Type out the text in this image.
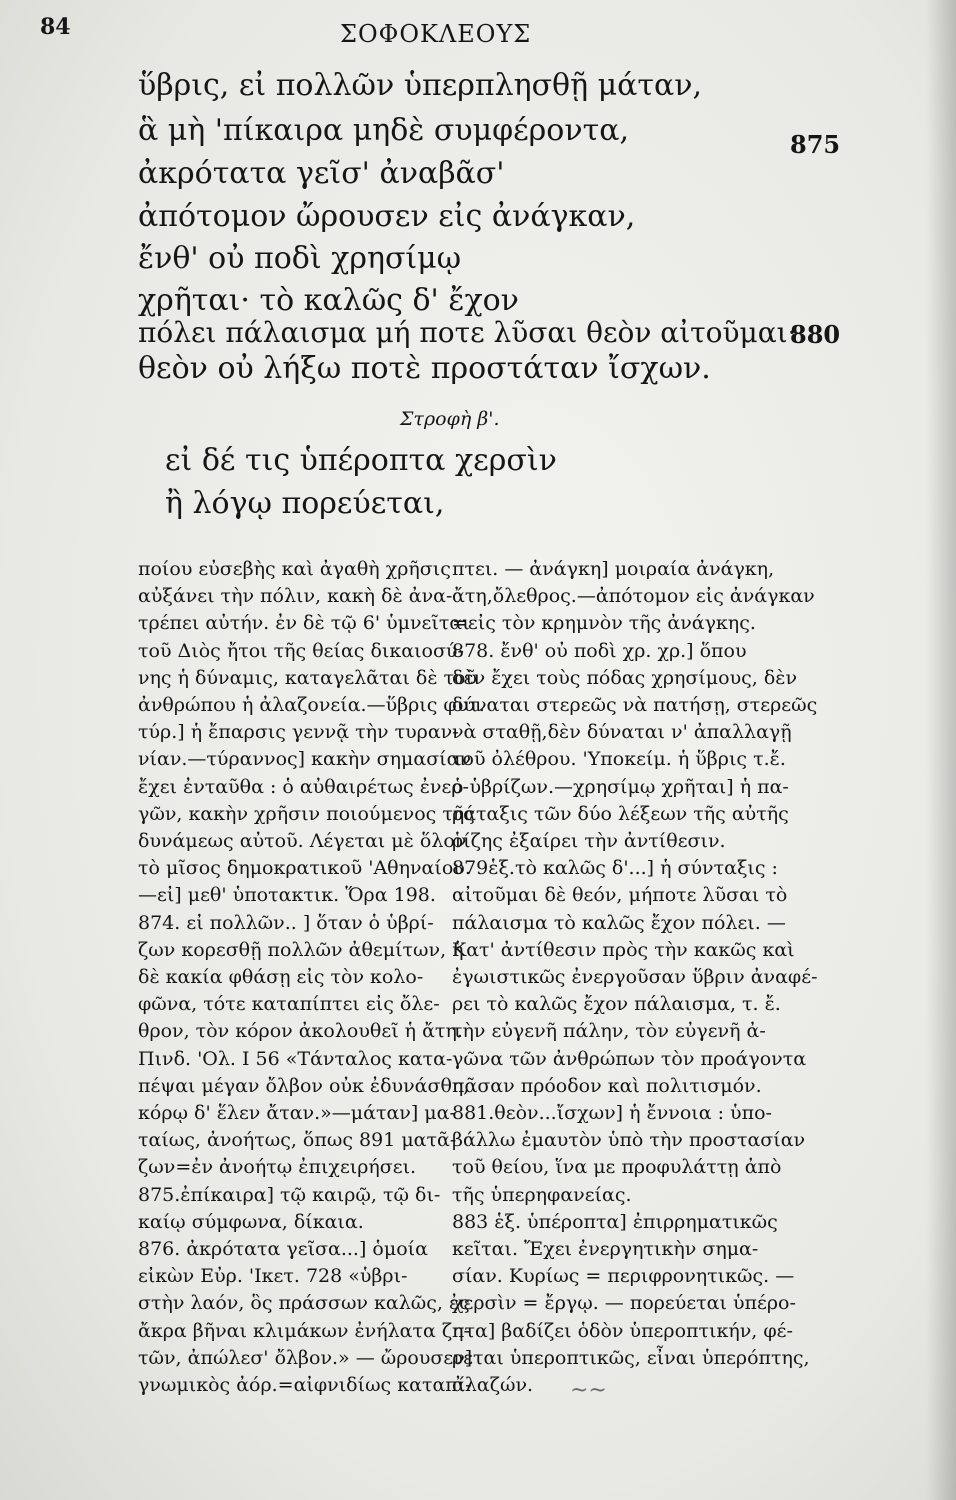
84	ΣΟΦΟΚΛΕΟΥΣ
ὕβρις, εἰ πολλῶν ὑπερπλησθῇ μάταν,
ἃ μὴ 'πίκαιρα μηδὲ συμφέροντα,
ἀκρότατα γεῖσ' ἀναβᾶσ'
ἀπότομον ὤρουσεν εἰς ἀνάγκαν,
ἔνθ' οὐ ποδὶ χρησίμῳ
χρῆται· τὸ καλῶς δ' ἔχον
πόλει πάλαισμα μή ποτε λῦσαι θεὸν αἰτοῦμαι·
θεὸν οὐ λήξω ποτὲ προστάταν ἴσχων.
875
880
Στροφὴ β'.
εἰ δέ τις ὑπέροπτα χερσὶν
ἢ λόγῳ πορεύεται,
ποίου εὐσεβὴς καὶ ἀγαθὴ χρῆσις
αὐξάνει τὴν πόλιν, κακὴ δὲ ἀνα-
τρέπει αὐτήν. ἐν δὲ τῷ 6' ὑμνεῖται
τοῦ Διὸς ἤτοι τῆς θείας δικαιοσύ-
νης ἡ δύναμις, καταγελᾶται δὲ τοῦ
ἀνθρώπου ἡ ἀλαζονεία.—ὕβρις φυτ.
τύρ.] ἡ ἔπαρσις γεννᾷ τὴν τυραν-
νίαν.—τύραννος] κακὴν σημασίαν
ἔχει ἐνταῦθα : ὁ αὐθαιρέτως ἐνερ-
γῶν, κακὴν χρῆσιν ποιούμενος τῆς
δυνάμεως αὐτοῦ. Λέγεται μὲ ὅλον
τὸ μῖσος δημοκρατικοῦ 'Αθηναίου.
—εἰ] μεθ' ὑποτακτικ. Ὅρα 198.
874. εἰ πολλῶν.. ] ὅταν ὁ ὑβρί-
ζων κορεσθῇ πολλῶν ἀθεμίτων, ἡ
δὲ κακία φθάσῃ εἰς τὸν κολο-
φῶνα, τότε καταπίπτει εἰς ὄλε-
θρον, τὸν κόρον ἀκολουθεῖ ἡ ἄτη.
Πινδ. 'Ολ. I 56 «Τάνταλος κατα-
πέψαι μέγαν ὄλβον οὐκ ἐδυνάσθη,
κόρῳ δ' ἕλεν ἄταν.»—μάταν] μα-
ταίως, ἀνοήτως, ὅπως 891 ματᾶ-
ζων=ἐν ἀνοήτῳ ἐπιχειρήσει.
875.ἐπίκαιρα] τῷ καιρῷ, τῷ δι-
καίῳ σύμφωνα, δίκαια.
876. ἀκρότατα γεῖσα...] ὁμοία
εἰκὼν Εὐρ. 'Ικετ. 728 «ὑβρι-
στὴν λαόν, ὃς πράσσων καλῶς, ἐς
ἄκρα βῆναι κλιμάκων ἐνήλατα ζη-
τῶν, ἀπώλεσ' ὄλβον.» — ὤρουσεν]
γνωμικὸς ἀόρ.=αἰφνιδίως καταπί-
πτει. — ἀνάγκη] μοιραία ἀνάγκη,
ἄτη,ὄλεθρος.—ἀπότομον εἰς ἀνάγκαν
=εἰς τὸν κρημνὸν τῆς ἀνάγκης.
878. ἔνθ' οὐ ποδὶ χρ. χρ.] ὅπου
δὲν ἔχει τοὺς πόδας χρησίμους, δὲν
δύναται στερεῶς νὰ πατήσῃ, στερεῶς
νὰ σταθῇ,δὲν δύναται ν' ἀπαλλαγῇ
τοῦ ὀλέθρου. 'Υποκείμ. ἡ ὕβρις τ.ἔ.
ὁ ὑβρίζων.—χρησίμῳ χρῆται] ἡ πα-
ράταξις τῶν δύο λέξεων τῆς αὐτῆς
ῥίζης ἐξαίρει τὴν ἀντίθεσιν.
879ἑξ.τὸ καλῶς δ'...] ἡ σύνταξις :
αἰτοῦμαι δὲ θεόν, μήποτε λῦσαι τὸ
πάλαισμα τὸ καλῶς ἔχον πόλει. —
Κατ' ἀντίθεσιν πρὸς τὴν κακῶς καὶ
ἐγωιστικῶς ἐνεργοῦσαν ὕβριν ἀναφέ-
ρει τὸ καλῶς ἔχον πάλαισμα, τ. ἔ.
τὴν εὐγενῆ πάλην, τὸν εὐγενῆ ἀ-
γῶνα τῶν ἀνθρώπων τὸν προάγοντα
πᾶσαν πρόοδον καὶ πολιτισμόν.
881.θεὸν...ἴσχων] ἡ ἔννοια : ὑπο-
βάλλω ἐμαυτὸν ὑπὸ τὴν προστασίαν
τοῦ θείου, ἵνα με προφυλάττῃ ἀπὸ
τῆς ὑπερηφανείας.
883 ἑξ. ὑπέροπτα] ἐπιρρηματικῶς
κεῖται. Ἔχει ἐνεργητικὴν σημα-
σίαν. Κυρίως = περιφρονητικῶς. —
χερσὶν = ἔργῳ. — πορεύεται ὑπέρο-
πτα] βαδίζει ὁδὸν ὑπεροπτικήν, φέ-
ρεται ὑπεροπτικῶς, εἶναι ὑπερόπτης,
ἀλαζών.	~~
